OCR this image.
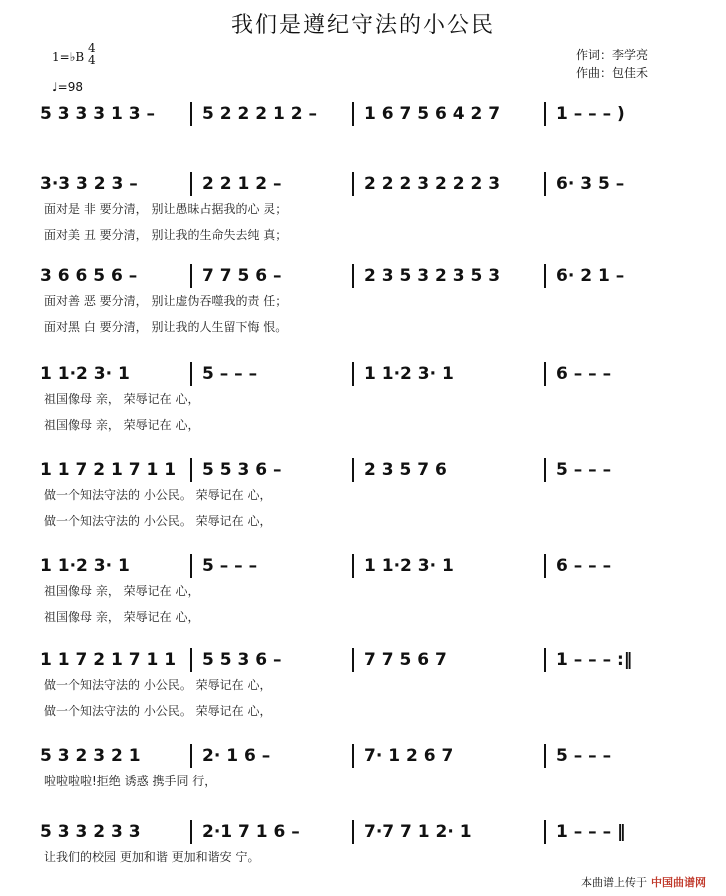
我们是遵纪守法的小公民
1=♭B
4
4
♩=98
作词：李学亮
作曲：包佳禾
5 3 3 3 1 3 –	5 2 2 2 1 2 –	1 6 7 5 6 4 2 7	1 – – – )
3·3 3 2 3 –	2 2 1 2 –	2 2 2 3 2 2 2 3	6· 3 5 –
面对是 非 要分清， 别让愚昧占据我的心 灵；
面对美 丑 要分清， 别让我的生命失去纯 真；
3 6 6 5 6 –	7 7 5 6 –	2 3 5 3 2 3 5 3	6· 2 1 –
面对善 恶 要分清， 别让虚伪吞噬我的责 任；
面对黑 白 要分清， 别让我的人生留下悔 恨。
1 1·2 3· 1	5 – – –	1 1·2 3· 1	6 – – –
祖国像母 亲， 荣辱记在 心，
祖国像母 亲， 荣辱记在 心，
1 1 7 2 1 7 1 1 5 5 3 6 –	2 3 5 7 6	5 – – –
做一个知法守法的 小公民。 荣辱记在 心，
做一个知法守法的 小公民。 荣辱记在 心，
1 1·2 3· 1	5 – – –	1 1·2 3· 1	6 – – –
祖国像母 亲， 荣辱记在 心，
祖国像母 亲， 荣辱记在 心，
1 1 7 2 1 7 1 1 5 5 3 6 –	7 7 5 6 7	1 – – – :‖
做一个知法守法的 小公民。 荣辱记在 心，
做一个知法守法的 小公民。 荣辱记在 心，
5 3 2 3 2 1	2· 1 6 –	7· 1 2 6 7	5 – – –
啦啦啦啦!拒绝 诱惑 携手同 行，
5 3 3 2 3 3	2·1 7 1 6 –	7·7 7 1 2· 1	1 – – – ‖
让我们的校园 更加和谐 更加和谐安 宁。
本曲谱上传于 中国曲谱网
